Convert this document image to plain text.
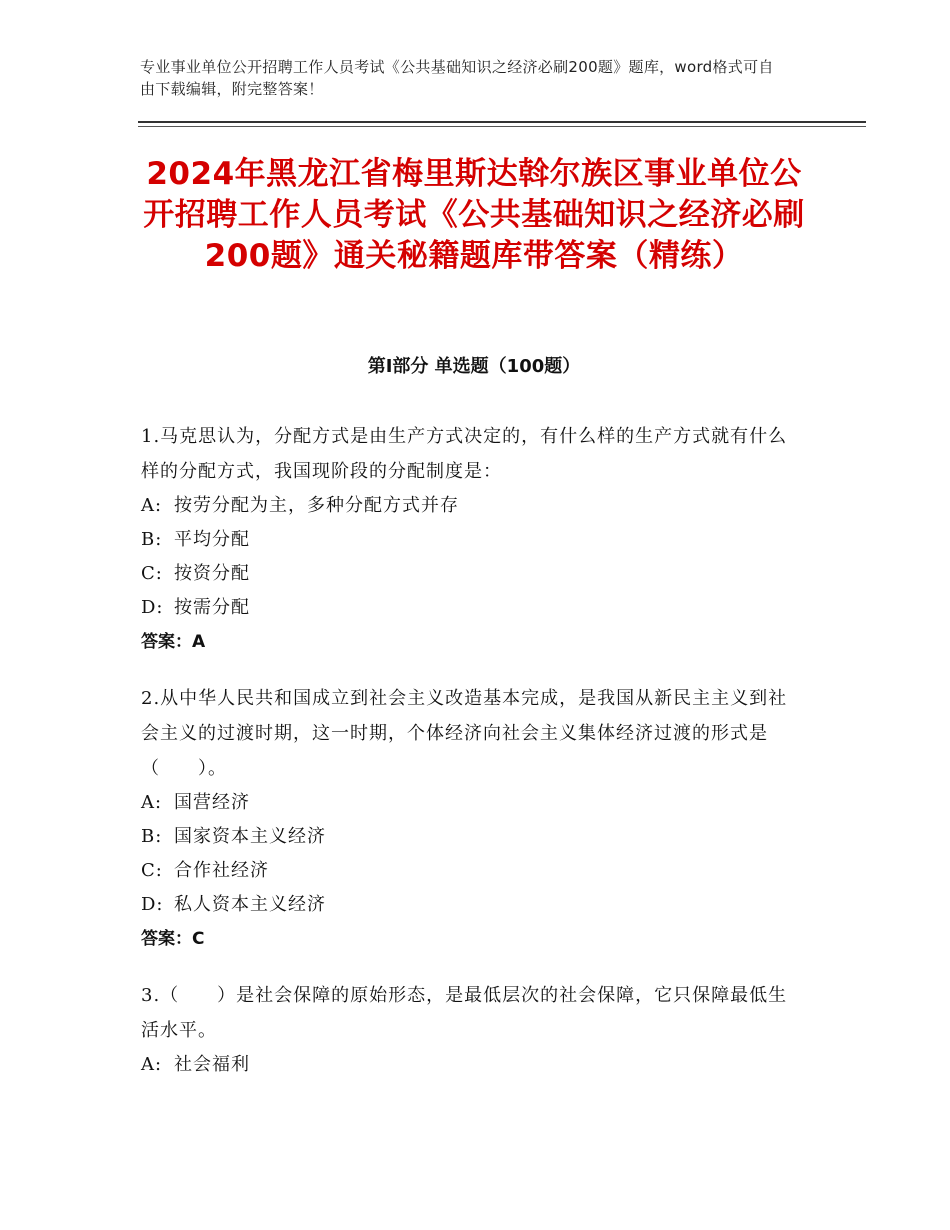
专业事业单位公开招聘工作人员考试《公共基础知识之经济必刷200题》题库，word格式可自由下载编辑，附完整答案！
2024年黑龙江省梅里斯达斡尔族区事业单位公开招聘工作人员考试《公共基础知识之经济必刷200题》通关秘籍题库带答案（精练）
第Ⅰ部分 单选题（100题）
1.马克思认为，分配方式是由生产方式决定的，有什么样的生产方式就有什么样的分配方式，我国现阶段的分配制度是：
A: 按劳分配为主，多种分配方式并存
B: 平均分配
C: 按资分配
D: 按需分配
答案：A
2.从中华人民共和国成立到社会主义改造基本完成，是我国从新民主主义到社会主义的过渡时期，这一时期，个体经济向社会主义集体经济过渡的形式是（　　）。
A: 国营经济
B: 国家资本主义经济
C: 合作社经济
D: 私人资本主义经济
答案：C
3.（　　）是社会保障的原始形态，是最低层次的社会保障，它只保障最低生活水平。
A: 社会福利
